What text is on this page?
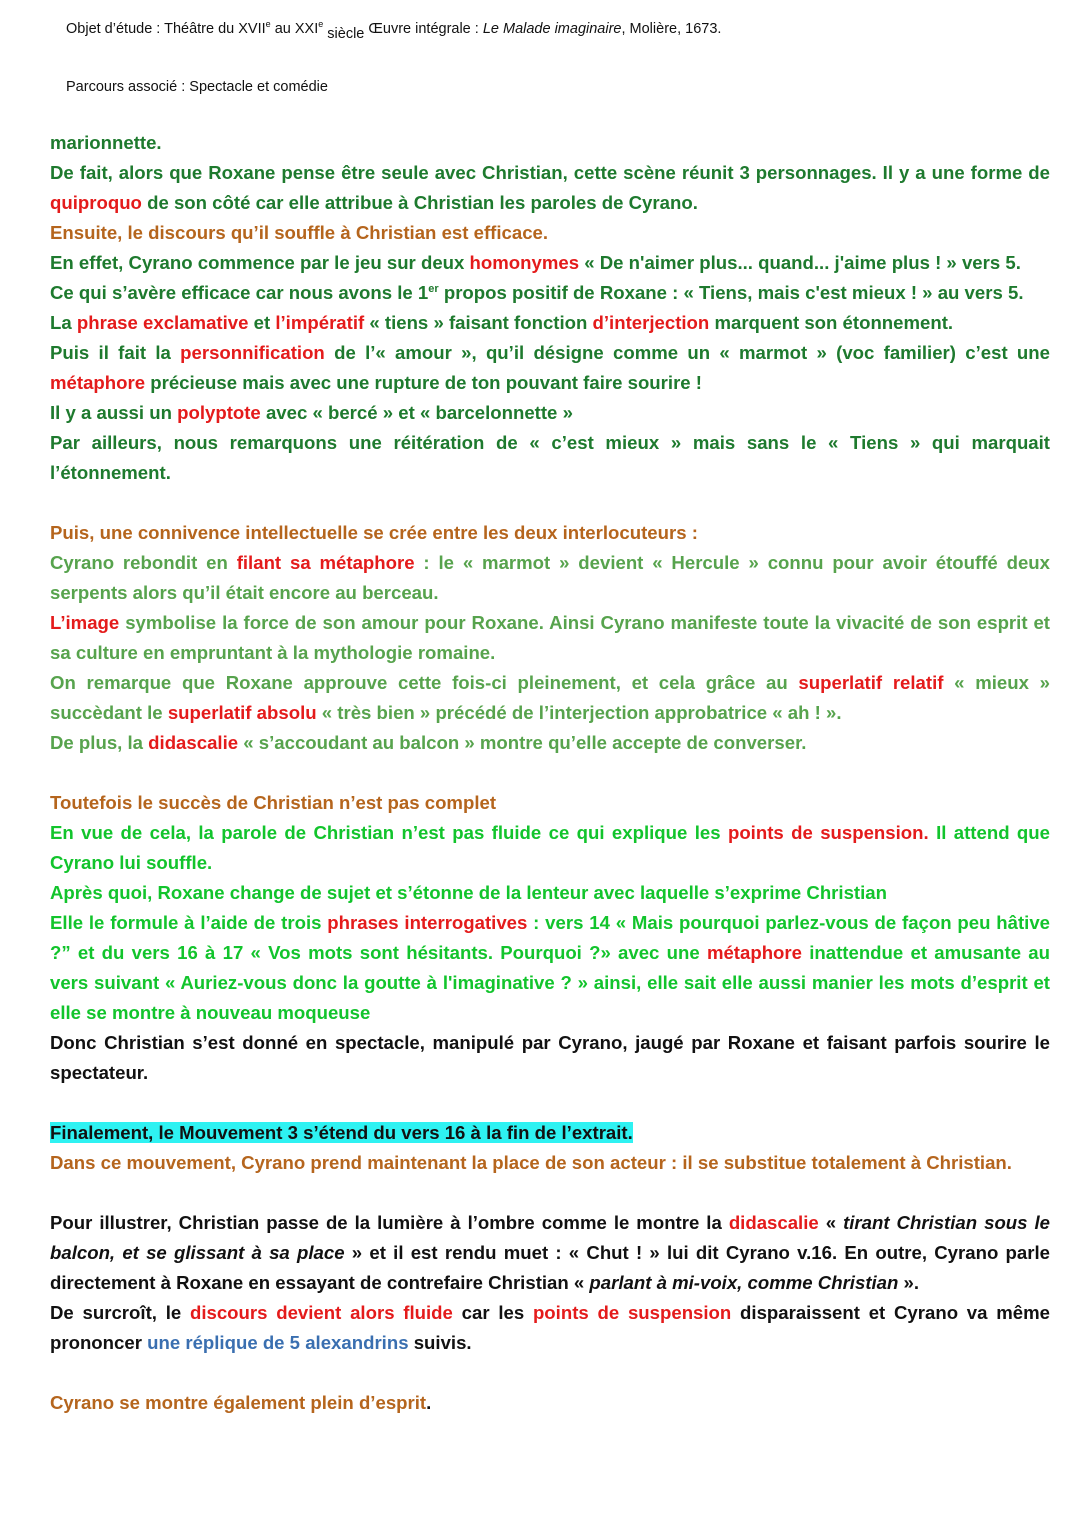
Objet d’étude : Théâtre du XVIIe au XXIe siècle Œuvre intégrale : Le Malade imaginaire, Molière, 1673.
Parcours associé : Spectacle et comédie

marionnette.

De fait, alors que Roxane pense être seule avec Christian, cette scène réunit 3 personnages. Il y a une forme de quiproquo de son côté car elle attribue à Christian les paroles de Cyrano.

Ensuite, le discours qu’il souffle à Christian est efficace.

En effet, Cyrano commence par le jeu sur deux homonymes « De n'aimer plus... quand... j'aime plus ! » vers 5.

Ce qui s’avère efficace car nous avons le 1er propos positif de Roxane : « Tiens, mais c'est mieux ! » au vers 5.

La phrase exclamative et l’impératif « tiens » faisant fonction d’interjection marquent son étonnement.

Puis il fait la personnification de l’« amour », qu’il désigne comme un « marmot » (voc familier) c’est une métaphore précieuse mais avec une rupture de ton pouvant faire sourire !

Il y a aussi un polyptote avec « bercé » et « barcelonnette »

Par ailleurs, nous remarquons une réitération de « c’est mieux » mais sans le « Tiens » qui marquait l’étonnement.

Puis, une connivence intellectuelle se crée entre les deux interlocuteurs :

Cyrano rebondit en filant sa métaphore : le « marmot » devient « Hercule » connu pour avoir étouffé deux serpents alors qu’il était encore au berceau.

L’image symbolise la force de son amour pour Roxane. Ainsi Cyrano manifeste toute la vivacité de son esprit et sa culture en empruntant à la mythologie romaine.

On remarque que Roxane approuve cette fois-ci pleinement, et cela grâce au superlatif relatif « mieux » succèdant le superlatif absolu « très bien » précédé de l’interjection approbatrice « ah ! ».

De plus, la didascalie « s’accoudant au balcon » montre qu’elle accepte de converser.

Toutefois le succès de Christian n’est pas complet

En vue de cela, la parole de Christian n’est pas fluide ce qui explique les points de suspension. Il attend que Cyrano lui souffle.

Après quoi, Roxane change de sujet et s’étonne de la lenteur avec laquelle s’exprime Christian

Elle le formule à l’aide de trois phrases interrogatives : vers 14 « Mais pourquoi parlez-vous de façon peu hâtive ?” et du vers 16 à 17 « Vos mots sont hésitants. Pourquoi ?» avec une métaphore inattendue et amusante au vers suivant « Auriez-vous donc la goutte à l'imaginative ? » ainsi, elle sait elle aussi manier les mots d’esprit et elle se montre à nouveau moqueuse

Donc Christian s’est donné en spectacle, manipulé par Cyrano, jaugé par Roxane et faisant parfois sourire le spectateur.

Finalement, le Mouvement 3 s’étend du vers 16 à la fin de l’extrait.

Dans ce mouvement, Cyrano prend maintenant la place de son acteur : il se substitue totalement à Christian.

Pour illustrer, Christian passe de la lumière à l’ombre comme le montre la didascalie « tirant Christian sous le balcon, et se glissant à sa place » et il est rendu muet : « Chut ! » lui dit Cyrano v.16. En outre, Cyrano parle directement à Roxane en essayant de contrefaire Christian « parlant à mi-voix, comme Christian ».

De surcroît, le discours devient alors fluide car les points de suspension disparaissent et Cyrano va même prononcer une réplique de 5 alexandrins suivis.

Cyrano se montre également plein d’esprit.
